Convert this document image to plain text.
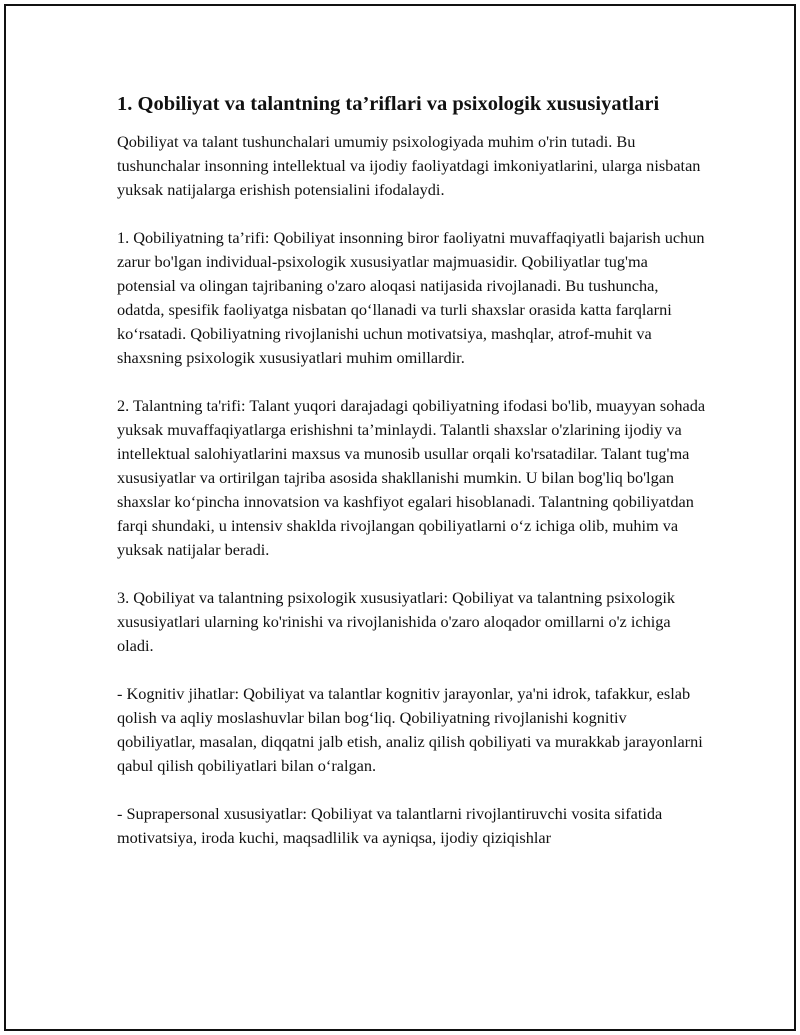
1. Qobiliyat va talantning ta’riflari va psixologik xususiyatlari

Qobiliyat va talant tushunchalari umumiy psixologiyada muhim o'rin tutadi. Bu tushunchalar insonning intellektual va ijodiy faoliyatdagi imkoniyatlarini, ularga nisbatan yuksak natijalarga erishish potensialini ifodalaydi.

1. Qobiliyatning ta’rifi: Qobiliyat insonning biror faoliyatni muvaffaqiyatli bajarish uchun zarur bo'lgan individual-psixologik xususiyatlar majmuasidir. Qobiliyatlar tug'ma potensial va olingan tajribaning o'zaro aloqasi natijasida rivojlanadi. Bu tushuncha, odatda, spesifik faoliyatga nisbatan qo‘llanadi va turli shaxslar orasida katta farqlarni ko‘rsatadi. Qobiliyatning rivojlanishi uchun motivatsiya, mashqlar, atrof-muhit va shaxsning psixologik xususiyatlari muhim omillardir.

2. Talantning ta'rifi: Talant yuqori darajadagi qobiliyatning ifodasi bo'lib, muayyan sohada yuksak muvaffaqiyatlarga erishishni ta’minlaydi. Talantli shaxslar o'zlarining ijodiy va intellektual salohiyatlarini maxsus va munosib usullar orqali ko'rsatadilar. Talant tug'ma xususiyatlar va ortirilgan tajriba asosida shakllanishi mumkin. U bilan bog'liq bo'lgan shaxslar ko‘pincha innovatsion va kashfiyot egalari hisoblanadi. Talantning qobiliyatdan farqi shundaki, u intensiv shaklda rivojlangan qobiliyatlarni o‘z ichiga olib, muhim va yuksak natijalar beradi.

3. Qobiliyat va talantning psixologik xususiyatlari: Qobiliyat va talantning psixologik xususiyatlari ularning ko'rinishi va rivojlanishida o'zaro aloqador omillarni o'z ichiga oladi.

- Kognitiv jihatlar: Qobiliyat va talantlar kognitiv jarayonlar, ya'ni idrok, tafakkur, eslab qolish va aqliy moslashuvlar bilan bog‘liq. Qobiliyatning rivojlanishi kognitiv qobiliyatlar, masalan, diqqatni jalb etish, analiz qilish qobiliyati va murakkab jarayonlarni qabul qilish qobiliyatlari bilan o‘ralgan.

- Suprapersonal xususiyatlar: Qobiliyat va talantlarni rivojlantiruvchi vosita sifatida motivatsiya, iroda kuchi, maqsadlilik va ayniqsa, ijodiy qiziqishlar
